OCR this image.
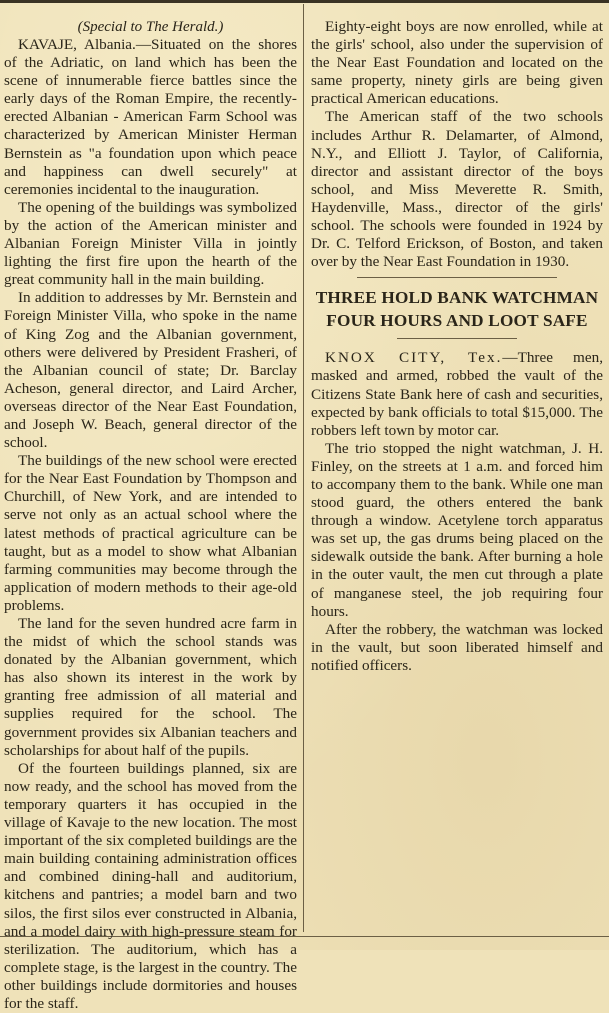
(Special to The Herald.)

KAVAJE, Albania.—Situated on the shores of the Adriatic, on land which has been the scene of innumerable fierce battles since the early days of the Roman Empire, the recently-erected Albanian - American Farm School was characterized by American Minister Herman Bernstein as "a foundation upon which peace and happiness can dwell securely" at ceremonies incidental to the inauguration.

The opening of the buildings was symbolized by the action of the American minister and Albanian Foreign Minister Villa in jointly lighting the first fire upon the hearth of the great community hall in the main building.

In addition to addresses by Mr. Bernstein and Foreign Minister Villa, who spoke in the name of King Zog and the Albanian government, others were delivered by President Frasheri, of the Albanian council of state; Dr. Barclay Acheson, general director, and Laird Archer, overseas director of the Near East Foundation, and Joseph W. Beach, general director of the school.

The buildings of the new school were erected for the Near East Foundation by Thompson and Churchill, of New York, and are intended to serve not only as an actual school where the latest methods of practical agriculture can be taught, but as a model to show what Albanian farming communities may become through the application of modern methods to their age-old problems.

The land for the seven hundred acre farm in the midst of which the school stands was donated by the Albanian government, which has also shown its interest in the work by granting free admission of all material and supplies required for the school. The government provides six Albanian teachers and scholarships for about half of the pupils.

Of the fourteen buildings planned, six are now ready, and the school has moved from the temporary quarters it has occupied in the village of Kavaje to the new location. The most important of the six completed buildings are the main building containing administration offices and combined dining-hall and auditorium, kitchens and pantries; a model barn and two silos, the first silos ever constructed in Albania, and a model dairy with high-pressure steam for sterilization. The auditorium, which has a complete stage, is the largest in the country. The other buildings include dormitories and houses for the staff.

Eighty-eight boys are now enrolled, while at the girls' school, also under the supervision of the Near East Foundation and located on the same property, ninety girls are being given practical American educations.

The American staff of the two schools includes Arthur R. Delamarter, of Almond, N.Y., and Elliott J. Taylor, of California, director and assistant director of the boys school, and Miss Meverette R. Smith, Haydenville, Mass., director of the girls' school. The schools were founded in 1924 by Dr. C. Telford Erickson, of Boston, and taken over by the Near East Foundation in 1930.

THREE HOLD BANK WATCHMAN

FOUR HOURS AND LOOT SAFE

KNOX CITY, Tex.—Three men, masked and armed, robbed the vault of the Citizens State Bank here of cash and securities, expected by bank officials to total $15,000. The robbers left town by motor car.

The trio stopped the night watchman, J. H. Finley, on the streets at 1 a.m. and forced him to accompany them to the bank. While one man stood guard, the others entered the bank through a window. Acetylene torch apparatus was set up, the gas drums being placed on the sidewalk outside the bank. After burning a hole in the outer vault, the men cut through a plate of manganese steel, the job requiring four hours.

After the robbery, the watchman was locked in the vault, but soon liberated himself and notified officers.
